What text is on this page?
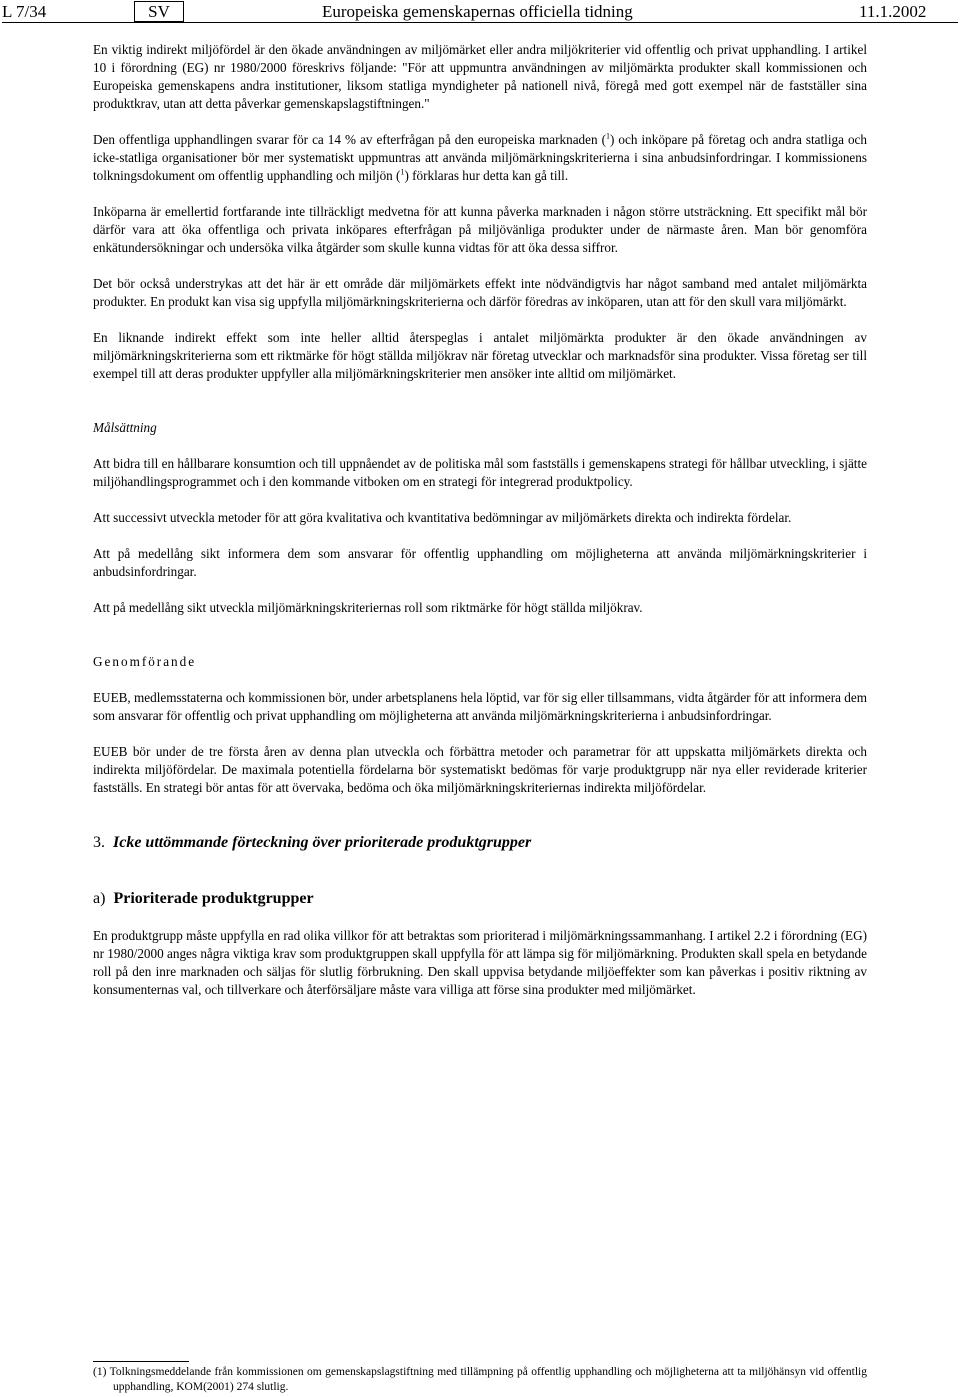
L 7/34	SV	Europeiska gemenskapernas officiella tidning	11.1.2002

En viktig indirekt miljöfördel är den ökade användningen av miljömärket eller andra miljökriterier vid offentlig och privat upphandling. I artikel 10 i förordning (EG) nr 1980/2000 föreskrivs följande: "För att uppmuntra användningen av miljömärkta produkter skall kommissionen och Europeiska gemenskapens andra institutioner, liksom statliga myndigheter på nationell nivå, föregå med gott exempel när de fastställer sina produktkrav, utan att detta påverkar gemenskapslagstiftningen."

Den offentliga upphandlingen svarar för ca 14 % av efterfrågan på den europeiska marknaden ($^1$) och inköpare på företag och andra statliga och icke-statliga organisationer bör mer systematiskt uppmuntras att använda miljömärkningskriterierna i sina anbudsinfordringar. I kommissionens tolkningsdokument om offentlig upphandling och miljön ($^1$) förklaras hur detta kan gå till.

Inköparna är emellertid fortfarande inte tillräckligt medvetna för att kunna påverka marknaden i någon större utsträckning. Ett specifikt mål bör därför vara att öka offentliga och privata inköpares efterfrågan på miljövänliga produkter under de närmaste åren. Man bör genomföra enkätundersökningar och undersöka vilka åtgärder som skulle kunna vidtas för att öka dessa siffror.

Det bör också understrykas att det här är ett område där miljömärkets effekt inte nödvändigtvis har något samband med antalet miljömärkta produkter. En produkt kan visa sig uppfylla miljömärkningskriterierna och därför föredras av inköparen, utan att för den skull vara miljömärkt.

En liknande indirekt effekt som inte heller alltid återspeglas i antalet miljömärkta produkter är den ökade användningen av miljömärkningskriterierna som ett riktmärke för högt ställda miljökrav när företag utvecklar och marknadsför sina produkter. Vissa företag ser till exempel till att deras produkter uppfyller alla miljömärkningskriterier men ansöker inte alltid om miljömärket.

Målsättning

Att bidra till en hållbarare konsumtion och till uppnåendet av de politiska mål som fastställs i gemenskapens strategi för hållbar utveckling, i sjätte miljöhandlingsprogrammet och i den kommande vitboken om en strategi för integrerad produktpolicy.

Att successivt utveckla metoder för att göra kvalitativa och kvantitativa bedömningar av miljömärkets direkta och indirekta fördelar.

Att på medellång sikt informera dem som ansvarar för offentlig upphandling om möjligheterna att använda miljömärkningskriterier i anbudsinfordringar.

Att på medellång sikt utveckla miljömärkningskriteriernas roll som riktmärke för högt ställda miljökrav.

Genomförande

EUEB, medlemsstaterna och kommissionen bör, under arbetsplanens hela löptid, var för sig eller tillsammans, vidta åtgärder för att informera dem som ansvarar för offentlig och privat upphandling om möjligheterna att använda miljömärkningskriterierna i anbudsinfordringar.

EUEB bör under de tre första åren av denna plan utveckla och förbättra metoder och parametrar för att uppskatta miljömärkets direkta och indirekta miljöfördelar. De maximala potentiella fördelarna bör systematiskt bedömas för varje produktgrupp när nya eller reviderade kriterier fastställs. En strategi bör antas för att övervaka, bedöma och öka miljömärkningskriteriernas indirekta miljöfördelar.

3. Icke uttömmande förteckning över prioriterade produktgrupper

a) Prioriterade produktgrupper

En produktgrupp måste uppfylla en rad olika villkor för att betraktas som prioriterad i miljömärkningssammanhang. I artikel 2.2 i förordning (EG) nr 1980/2000 anges några viktiga krav som produktgruppen skall uppfylla för att lämpa sig för miljömärkning. Produkten skall spela en betydande roll på den inre marknaden och säljas för slutlig förbrukning. Den skall uppvisa betydande miljöeffekter som kan påverkas i positiv riktning av konsumenternas val, och tillverkare och återförsäljare måste vara villiga att förse sina produkter med miljömärket.

(1) Tolkningsmeddelande från kommissionen om gemenskapslagstiftning med tillämpning på offentlig upphandling och möjligheterna att ta miljöhänsyn vid offentlig upphandling, KOM(2001) 274 slutlig.
